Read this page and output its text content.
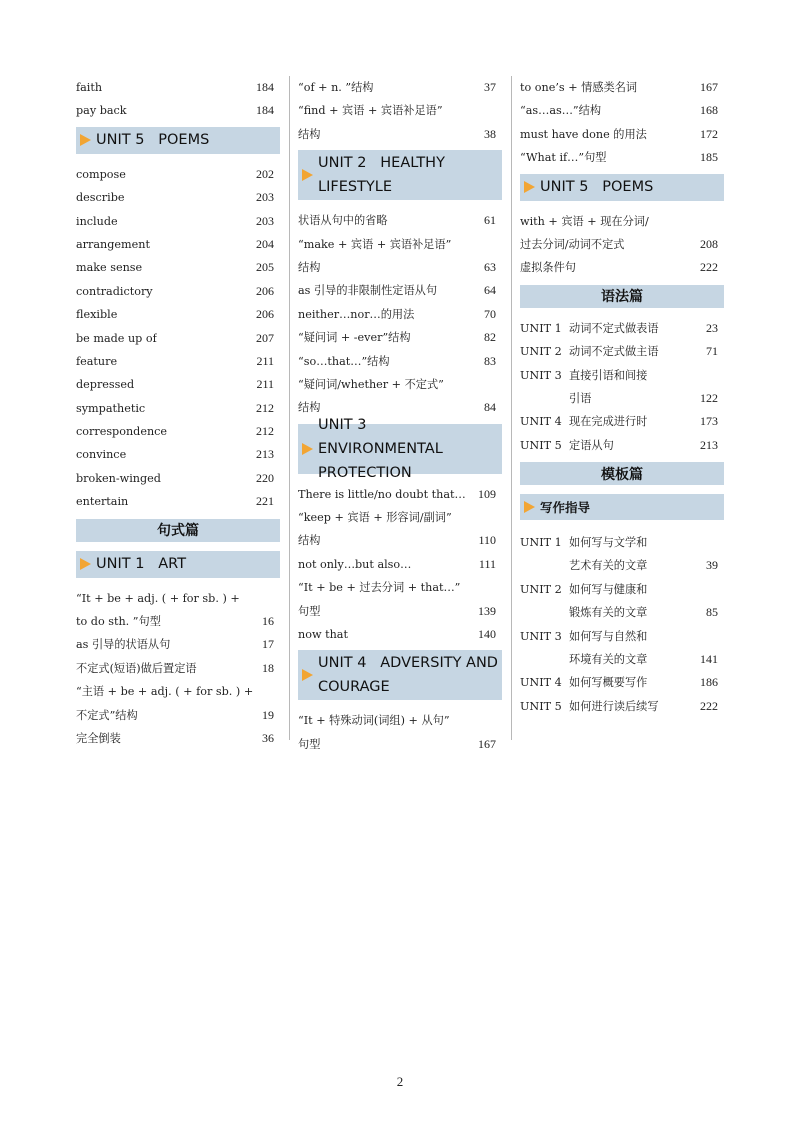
faith	184
pay back	184
UNIT 5   POEMS
compose	202
describe	203
include	203
arrangement	204
make sense	205
contradictory	206
flexible	206
be made up of	207
feature	211
depressed	211
sympathetic	212
correspondence	212
convince	213
broken-winged	220
entertain	221
句式篇
UNIT 1   ART
“It + be + adj. ( + for sb. ) +
to do sth. ”句型	16
as 引导的状语从句	17
不定式(短语)做后置定语	18
“主语 + be + adj. ( + for sb. ) +
不定式”结构	19
完全倒装	36
“of + n. ”结构	37
“find + 宾语 + 宾语补足语”
结构	38
UNIT 2   HEALTHY
LIFESTYLE
状语从句中的省略	61
“make + 宾语 + 宾语补足语”
结构	63
as 引导的非限制性定语从句	64
neither…nor…的用法	70
“疑问词 + -ever”结构	82
“so…that…”结构	83
“疑问词/whether + 不定式”
结构	84
UNIT 3   ENVIRONMENTAL
PROTECTION
There is little/no doubt that… 109
“keep + 宾语 + 形容词/副词”
结构	110
not only…but also…	111
“It + be + 过去分词 + that…”
句型	139
now that	140
UNIT 4   ADVERSITY AND
COURAGE
“It + 特殊动词(词组) + 从句”
句型	167
to one’s + 情感类名词	167
“as…as…”结构	168
must have done 的用法	172
“What if…”句型	185
UNIT 5   POEMS
with + 宾语 + 现在分词/
过去分词/动词不定式	208
虚拟条件句	222
语法篇
UNIT 1 动词不定式做表语	23
UNIT 2 动词不定式做主语	71
UNIT 3 直接引语和间接
引语	122
UNIT 4 现在完成进行时	173
UNIT 5 定语从句	213
模板篇
写作指导
UNIT 1 如何写与文学和
艺术有关的文章	39
UNIT 2 如何写与健康和
锻炼有关的文章	85
UNIT 3 如何写与自然和
环境有关的文章	141
UNIT 4 如何写概要写作	186
UNIT 5 如何进行读后续写	222
2
